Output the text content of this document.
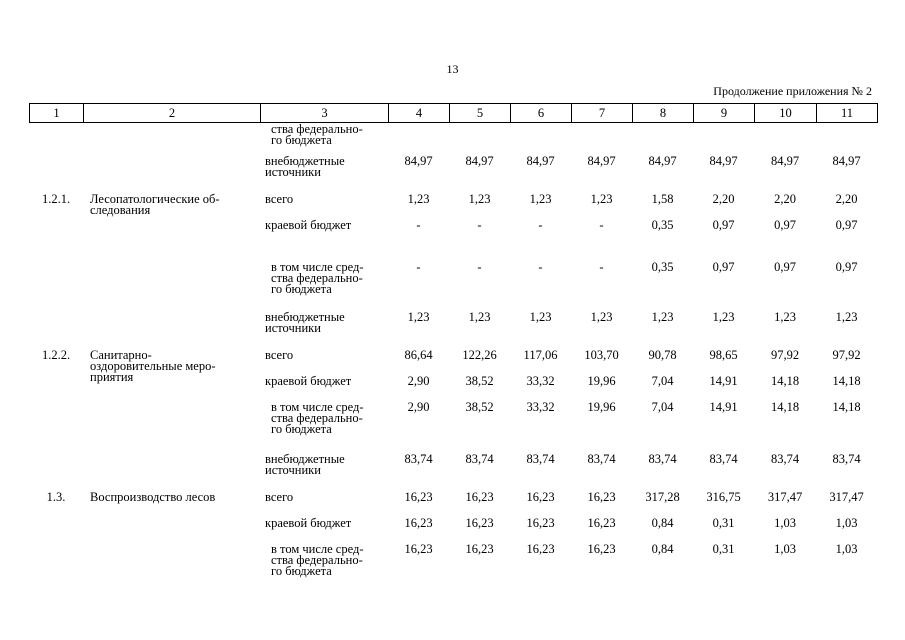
13
Продолжение приложения № 2
1	2	3	4	5	6	7	8	9	10	11
ства федерально-
го бюджета
внебюджетные
источники
84,97	84,97	84,97	84,97	84,97	84,97	84,97	84,97
1.2.1.	Лесопатологические об-
следования
всего	1,23	1,23	1,23	1,23	1,58	2,20	2,20	2,20
краевой бюджет	-	-	-	-	0,35	0,97	0,97	0,97
в том числе сред-
ства федерально-
го бюджета
-	-	-	-	0,35	0,97	0,97	0,97
внебюджетные
источники
1,23	1,23	1,23	1,23	1,23	1,23	1,23	1,23
1.2.2.	Санитарно-
оздоровительные меро-
приятия
всего	86,64	122,26	117,06	103,70	90,78	98,65	97,92	97,92
краевой бюджет	2,90	38,52	33,32	19,96	7,04	14,91	14,18	14,18
в том числе сред-
ства федерально-
го бюджета
2,90	38,52	33,32	19,96	7,04	14,91	14,18	14,18
внебюджетные
источники
83,74	83,74	83,74	83,74	83,74	83,74	83,74	83,74
1.3.	Воспроизводство лесов	всего	16,23	16,23	16,23	16,23	317,28	316,75	317,47	317,47
краевой бюджет	16,23	16,23	16,23	16,23	0,84	0,31	1,03	1,03
в том числе сред-
ства федерально-
го бюджета
16,23	16,23	16,23	16,23	0,84	0,31	1,03	1,03
